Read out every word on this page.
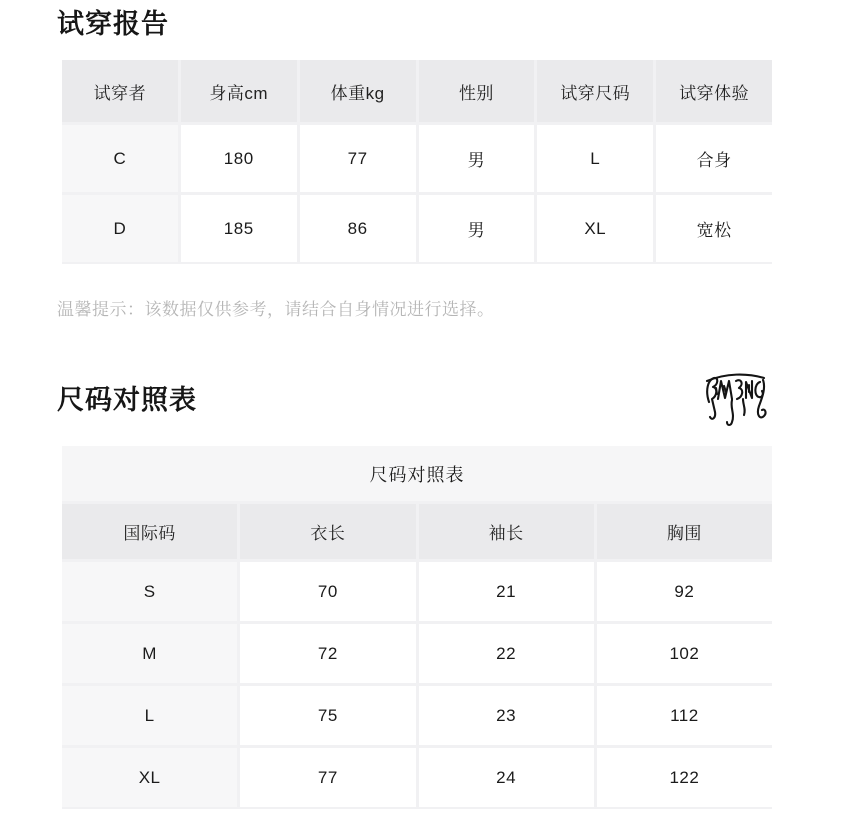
试穿报告
试穿者	身高cm	体重kg	性别	试穿尺码	试穿体验
C	180	77	男	L	合身
D	185	86	男	XL	宽松

温馨提示：该数据仅供参考，请结合自身情况进行选择。

尺码对照表
尺码对照表
国际码	衣长	袖长	胸围
S	70	21	92
M	72	22	102
L	75	23	112
XL	77	24	122
